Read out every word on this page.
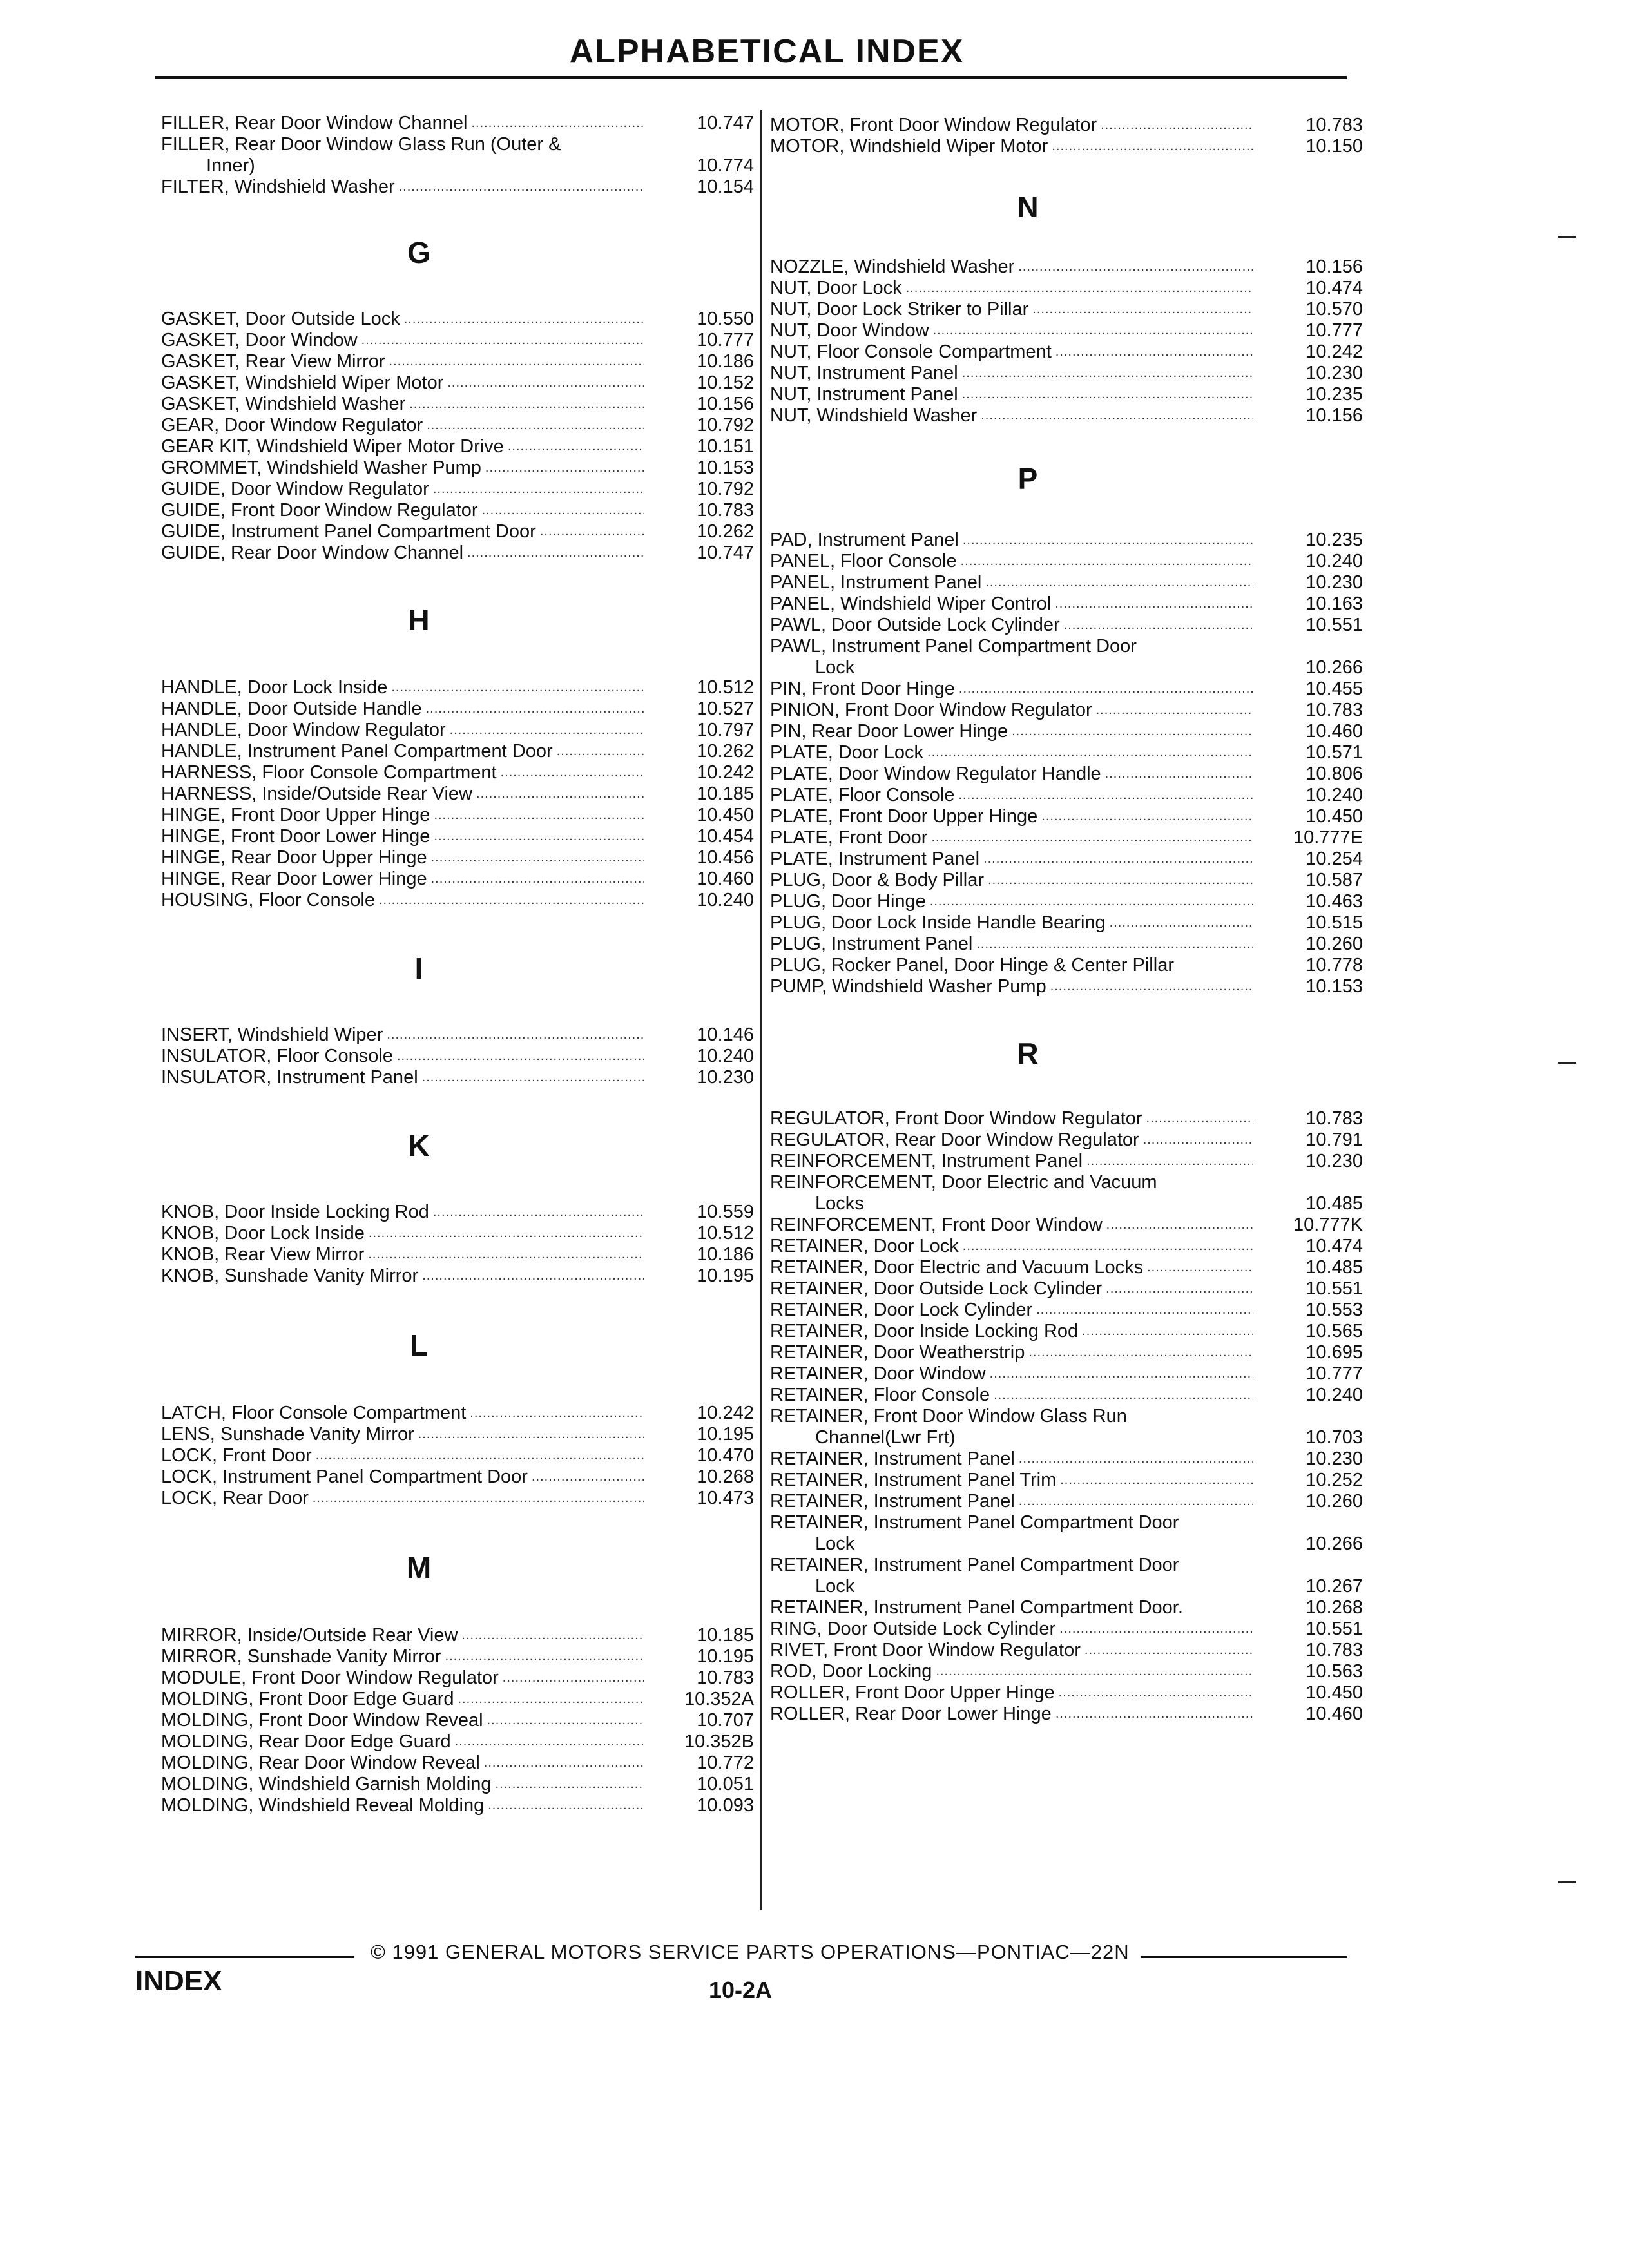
ALPHABETICAL INDEX
FILLER, Rear Door Window Channel .....	10.747
FILLER, Rear Door Window Glass Run (Outer &
Inner)	10.774
FILTER, Windshield Washer .....	10.154
G
GASKET, Door Outside Lock .....	10.550
GASKET, Door Window .....	10.777
GASKET, Rear View Mirror .....	10.186
GASKET, Windshield Wiper Motor .....	10.152
GASKET, Windshield Washer .....	10.156
GEAR, Door Window Regulator .....	10.792
GEAR KIT, Windshield Wiper Motor Drive .....	10.151
GROMMET, Windshield Washer Pump .....	10.153
GUIDE, Door Window Regulator .....	10.792
GUIDE, Front Door Window Regulator .....	10.783
GUIDE, Instrument Panel Compartment Door .....	10.262
GUIDE, Rear Door Window Channel .....	10.747
H
HANDLE, Door Lock Inside .....	10.512
HANDLE, Door Outside Handle .....	10.527
HANDLE, Door Window Regulator .....	10.797
HANDLE, Instrument Panel Compartment Door .....	10.262
HARNESS, Floor Console Compartment .....	10.242
HARNESS, Inside/Outside Rear View .....	10.185
HINGE, Front Door Upper Hinge .....	10.450
HINGE, Front Door Lower Hinge .....	10.454
HINGE, Rear Door Upper Hinge .....	10.456
HINGE, Rear Door Lower Hinge .....	10.460
HOUSING, Floor Console .....	10.240
I
INSERT, Windshield Wiper .....	10.146
INSULATOR, Floor Console .....	10.240
INSULATOR, Instrument Panel .....	10.230
K
KNOB, Door Inside Locking Rod .....	10.559
KNOB, Door Lock Inside .....	10.512
KNOB, Rear View Mirror .....	10.186
KNOB, Sunshade Vanity Mirror .....	10.195
L
LATCH, Floor Console Compartment .....	10.242
LENS, Sunshade Vanity Mirror .....	10.195
LOCK, Front Door .....	10.470
LOCK, Instrument Panel Compartment Door .....	10.268
LOCK, Rear Door .....	10.473
M
MIRROR, Inside/Outside Rear View .....	10.185
MIRROR, Sunshade Vanity Mirror .....	10.195
MODULE, Front Door Window Regulator .....	10.783
MOLDING, Front Door Edge Guard .....	10.352A
MOLDING, Front Door Window Reveal .....	10.707
MOLDING, Rear Door Edge Guard .....	10.352B
MOLDING, Rear Door Window Reveal .....	10.772
MOLDING, Windshield Garnish Molding .....	10.051
MOLDING, Windshield Reveal Molding .....	10.093
MOTOR, Front Door Window Regulator .....	10.783
MOTOR, Windshield Wiper Motor .....	10.150
N
NOZZLE, Windshield Washer .....	10.156
NUT, Door Lock .....	10.474
NUT, Door Lock Striker to Pillar .....	10.570
NUT, Door Window .....	10.777
NUT, Floor Console Compartment .....	10.242
NUT, Instrument Panel .....	10.230
NUT, Instrument Panel .....	10.235
NUT, Windshield Washer .....	10.156
P
PAD, Instrument Panel .....	10.235
PANEL, Floor Console .....	10.240
PANEL, Instrument Panel .....	10.230
PANEL, Windshield Wiper Control .....	10.163
PAWL, Door Outside Lock Cylinder .....	10.551
PAWL, Instrument Panel Compartment Door
Lock	10.266
PIN, Front Door Hinge .....	10.455
PINION, Front Door Window Regulator .....	10.783
PIN, Rear Door Lower Hinge .....	10.460
PLATE, Door Lock .....	10.571
PLATE, Door Window Regulator Handle .....	10.806
PLATE, Floor Console .....	10.240
PLATE, Front Door Upper Hinge .....	10.450
PLATE, Front Door .....	10.777E
PLATE, Instrument Panel .....	10.254
PLUG, Door & Body Pillar .....	10.587
PLUG, Door Hinge .....	10.463
PLUG, Door Lock Inside Handle Bearing .....	10.515
PLUG, Instrument Panel .....	10.260
PLUG, Rocker Panel, Door Hinge & Center Pillar	10.778
PUMP, Windshield Washer Pump .....	10.153
R
REGULATOR, Front Door Window Regulator .....	10.783
REGULATOR, Rear Door Window Regulator .....	10.791
REINFORCEMENT, Instrument Panel .....	10.230
REINFORCEMENT, Door Electric and Vacuum
Locks	10.485
REINFORCEMENT, Front Door Window .....	10.777K
RETAINER, Door Lock .....	10.474
RETAINER, Door Electric and Vacuum Locks .....	10.485
RETAINER, Door Outside Lock Cylinder .....	10.551
RETAINER, Door Lock Cylinder .....	10.553
RETAINER, Door Inside Locking Rod .....	10.565
RETAINER, Door Weatherstrip .....	10.695
RETAINER, Door Window .....	10.777
RETAINER, Floor Console .....	10.240
RETAINER, Front Door Window Glass Run
Channel(Lwr Frt)	10.703
RETAINER, Instrument Panel .....	10.230
RETAINER, Instrument Panel Trim .....	10.252
RETAINER, Instrument Panel .....	10.260
RETAINER, Instrument Panel Compartment Door
Lock	10.266
RETAINER, Instrument Panel Compartment Door
Lock	10.267
RETAINER, Instrument Panel Compartment Door.	10.268
RING, Door Outside Lock Cylinder .....	10.551
RIVET, Front Door Window Regulator .....	10.783
ROD, Door Locking .....	10.563
ROLLER, Front Door Upper Hinge .....	10.450
ROLLER, Rear Door Lower Hinge .....	10.460
© 1991 GENERAL MOTORS SERVICE PARTS OPERATIONS—PONTIAC—22N
INDEX	10-2A
